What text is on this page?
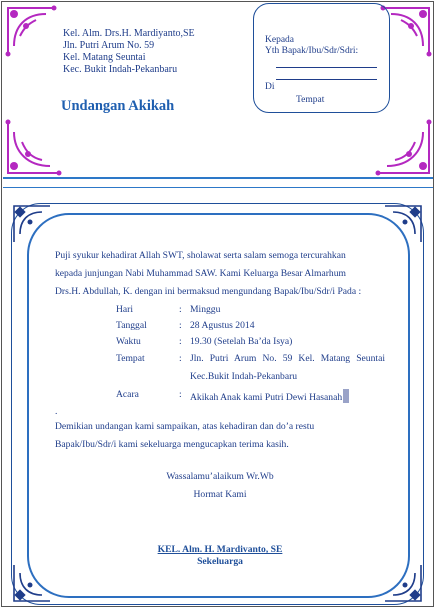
Kel. Alm. Drs.H. Mardiyanto,SE
Jln. Putri Arum No. 59
Kel. Matang Seuntai
Kec. Bukit Indah-Pekanbaru
Undangan Akikah
Kepada
Yth Bapak/Ibu/Sdr/Sdri:
Di
Tempat
Puji syukur kehadirat Allah SWT, sholawat serta salam semoga tercurahkan
kepada junjungan Nabi Muhammad SAW. Kami Keluarga Besar Almarhum
Drs.H. Abdullah, K. dengan ini bermaksud mengundang Bapak/Ibu/Sdr/i Pada :
Hari	: Minggu
Tanggal	: 28 Agustus 2014
Waktu	: 19.30 (Setelah Ba’da Isya)
Tempat	: Jln. Putri Arum No. 59 Kel. Matang Seuntai
Kec.Bukit Indah-Pekanbaru
Acara	: Akikah Anak kami Putri Dewi Hasanah
.
Demikian undangan kami sampaikan, atas kehadiran dan do’a restu
Bapak/Ibu/Sdr/i kami sekeluarga mengucapkan terima kasih.
Wassalamu’alaikum Wr.Wb
Hormat Kami
KEL. Alm. H. Mardivanto, SE
Sekeluarga
